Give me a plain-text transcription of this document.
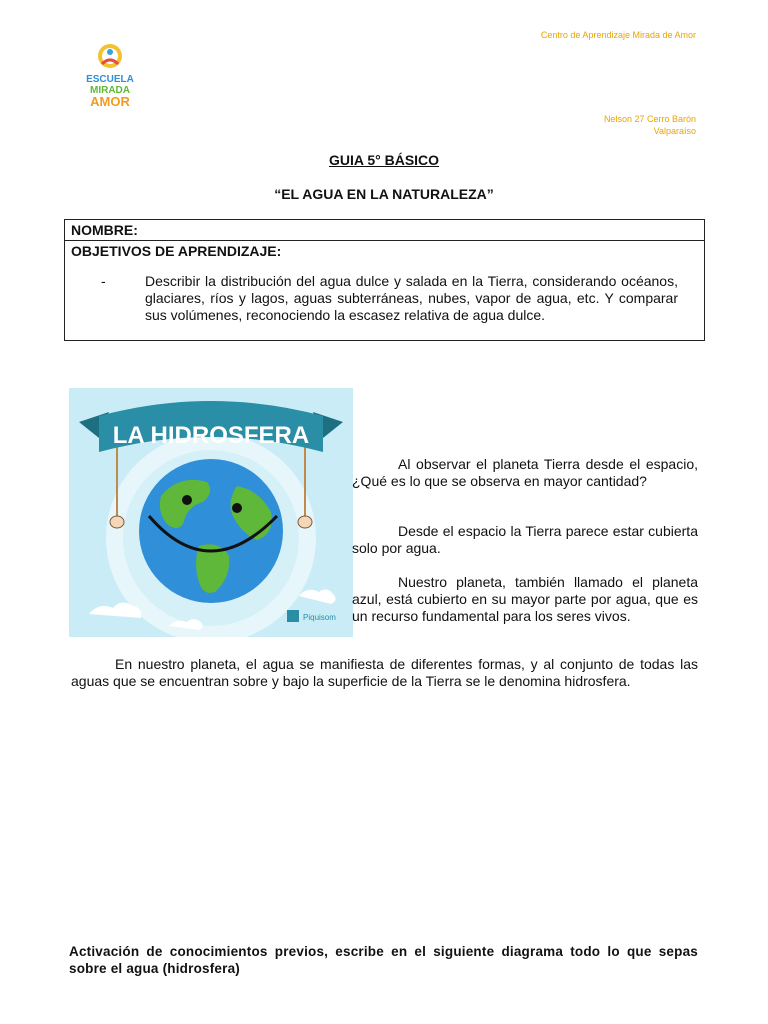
Centro de Aprendizaje Mirada de Amor
ESCUELA
MIRADA
AMOR
Nelson 27 Cerro Barón
Valparaíso
GUIA 5° BÁSICO
“EL AGUA EN LA NATURALEZA”
NOMBRE:

OBJETIVOS DE APRENDIZAJE:
-	Describir la distribución del agua dulce y salada en la Tierra, considerando océanos, glaciares, ríos y lagos, aguas subterráneas, nubes, vapor de agua, etc. Y comparar sus volúmenes, reconociendo la escasez relativa de agua dulce.
LA HIDROSFERA
Piquisom
Al observar el planeta Tierra desde el espacio, ¿Qué es lo que se observa en mayor cantidad?
Desde el espacio la Tierra parece estar cubierta solo por agua.
Nuestro planeta, también llamado el planeta azul, está cubierto en su mayor parte por agua, que es un recurso fundamental para los seres vivos.
En nuestro planeta, el agua se manifiesta de diferentes formas, y al conjunto de todas las aguas que se encuentran sobre y bajo la superficie de la Tierra se le denomina hidrosfera.
Activación de conocimientos previos, escribe en el siguiente diagrama todo lo que sepas sobre el agua (hidrosfera)
